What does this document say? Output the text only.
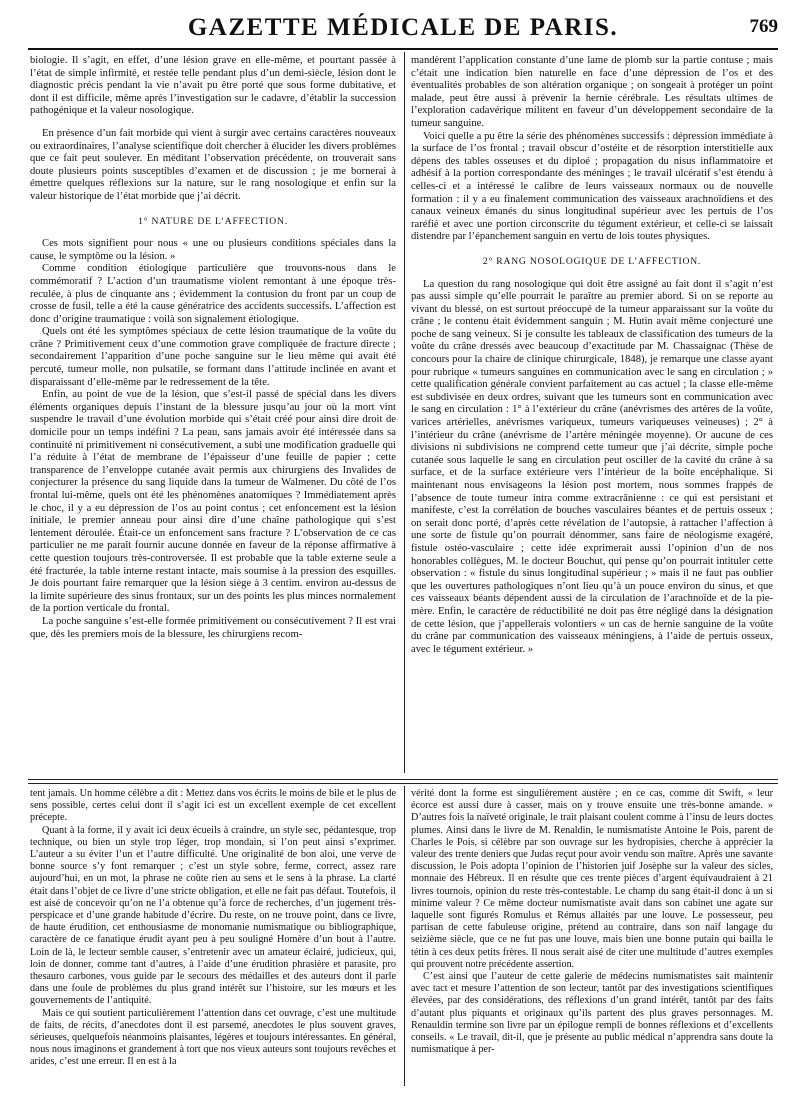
GAZETTE MÉDICALE DE PARIS.	769

biologie. Il s’agit, en effet, d’une lésion grave en elle-même, et pourtant passée à l’état de simple infirmité, et restée telle pendant plus d’un demi-siècle, lésion dont le diagnostic précis pendant la vie n’avait pu être porté que sous forme dubitative, et dont il est difficile, même après l’investigation sur le cadavre, d’établir la succession pathogénique et la valeur nosologique.

En présence d’un fait morbide qui vient à surgir avec certains caractères nouveaux ou extraordinaires, l’analyse scientifique doit chercher à élucider les divers problèmes que ce fait peut soulever. En méditant l’observation précédente, on trouverait sans doute plusieurs points susceptibles d’examen et de discussion ; je me bornerai à émettre quelques réflexions sur la nature, sur le rang nosologique et enfin sur la valeur historique de l’état morbide que j’ai décrit.

1° NATURE DE L’AFFECTION.

Ces mots signifient pour nous « une ou plusieurs conditions spéciales dans la cause, le symptôme ou la lésion. »

Comme condition étiologique particulière que trouvons-nous dans le commémoratif ? L’action d’un traumatisme violent remontant à une époque très-reculée, à plus de cinquante ans ; évidemment la contusion du front par un coup de crosse de fusil, telle a été la cause génératrice des accidents successifs. L’affection est donc d’origine traumatique : voilà son signalement étiologique.

Quels ont été les symptômes spéciaux de cette lésion traumatique de la voûte du crâne ? Primitivement ceux d’une commotion grave compliquée de fracture directe ; secondairement l’apparition d’une poche sanguine sur le lieu même qui avait été percuté, tumeur molle, non pulsatile, se formant dans l’attitude inclinée en avant et disparaissant d’elle-même par le redressement de la tête.

Enfin, au point de vue de la lésion, que s’est-il passé de spécial dans les divers éléments organiques depuis l’instant de la blessure jusqu’au jour où la mort vint suspendre le travail d’une évolution morbide qui s’était créé pour ainsi dire droit de domicile pour un temps indéfini ? La peau, sans jamais avoir été intéressée dans sa continuité ni primitivement ni consécutivement, a subi une modification graduelle qui l’a réduite à l’état de membrane de l’épaisseur d’une feuille de papier ; cette transparence de l’enveloppe cutanée avait permis aux chirurgiens des Invalides de conjecturer la présence du sang liquide dans la tumeur de Walmener. Du côté de l’os frontal lui-même, quels ont été les phénomènes anatomiques ? Immédiatement après le choc, il y a eu dépression de l’os au point contus ; cet enfoncement est la lésion initiale, le premier anneau pour ainsi dire d’une chaîne pathologique qui s’est lentement déroulée. Était-ce un enfoncement sans fracture ? L’observation de ce cas particulier ne me paraît fournir aucune donnée en faveur de la réponse affirmative à cette question toujours très-controversée. Il est probable que la table externe seule a été fracturée, la table interne restant intacte, mais soumise à la pression des esquilles. Je dois pourtant faire remarquer que la lésion siège à 3 centim. environ au-dessus de la limite supérieure des sinus frontaux, sur un des points les plus minces normalement de la portion verticale du frontal.

La poche sanguine s’est-elle formée primitivement ou consécutivement ? Il est vrai que, dès les premiers mois de la blessure, les chirurgiens recom-

mandèrent l’application constante d’une lame de plomb sur la partie contuse ; mais c’était une indication bien naturelle en face d’une dépression de l’os et des éventualités probables de son altération organique ; on songeait à protéger un point malade, peut être aussi à prévenir la hernie cérébrale. Les résultats ultimes de l’exploration cadavérique militent en faveur d’un développement secondaire de la tumeur sanguine.

Voici quelle a pu être la série des phénomènes successifs : dépression immédiate à la surface de l’os frontal ; travail obscur d’ostéite et de résorption interstitielle aux dépens des tables osseuses et du diploé ; propagation du nisus inflammatoire et adhésif à la portion correspondante des méninges ; le travail ulcératif s’est étendu à celles-ci et a intéressé le calibre de leurs vaisseaux normaux ou de nouvelle formation : il y a eu finalement communication des vaisseaux arachnoïdiens et des canaux veineux émanés du sinus longitudinal supérieur avec les pertuis de l’os raréfié et avec une portion circonscrite du tégument extérieur, et celle-ci se laissait distendre par l’épanchement sanguin en vertu de lois toutes physiques.

2° RANG NOSOLOGIQUE DE L’AFFECTION.

La question du rang nosologique qui doit être assigné au fait dont il s’agit n’est pas aussi simple qu’elle pourrait le paraître au premier abord. Si on se reporte au vivant du blessé, on est surtout préoccupé de la tumeur apparaissant sur la voûte du crâne ; le contenu était évidemment sanguin ; M. Hutin avait même conjecturé une poche de sang veineux. Si je consulte les tableaux de classification des tumeurs de la voûte du crâne dressés avec beaucoup d’exactitude par M. Chassaignac (Thèse de concours pour la chaire de clinique chirurgicale, 1848), je remarque une classe ayant pour rubrique « tumeurs sanguines en communication avec le sang en circulation ; » cette qualification générale convient parfaitement au cas actuel ; la classe elle-même est subdivisée en deux ordres, suivant que les tumeurs sont en communication avec le sang en circulation : 1° à l’extérieur du crâne (anévrismes des artères de la voûte, varices artérielles, anévrismes variqueux, tumeurs variqueuses veineuses) ; 2° à l’intérieur du crâne (anévrisme de l’artère méningée moyenne). Or aucune de ces divisions ni subdivisions ne comprend cette tumeur que j’ai décrite, simple poche cutanée sous laquelle le sang en circulation peut osciller de la cavité du crâne à sa surface, et de la surface extérieure vers l’intérieur de la boîte encéphalique. Si maintenant nous envisageons la lésion post mortem, nous sommes frappés de l’absence de toute tumeur intra comme extracrânienne : ce qui est persistant et manifeste, c’est la corrélation de bouches vasculaires béantes et de pertuis osseux ; on serait donc porté, d’après cette révélation de l’autopsie, à rattacher l’affection à une sorte de fistule qu’on pourrait dénommer, sans faire de néologisme exagéré, fistule ostéo-vasculaire ; cette idée exprimerait aussi l’opinion d’un de nos honorables collègues, M. le docteur Bouchut, qui pense qu’on pourrait intituler cette observation : « fistule du sinus longitudinal supérieur ; » mais il ne faut pas oublier que les ouvertures pathologiques n’ont lieu qu’à un pouce environ du sinus, et que ces vaisseaux béants dépendent aussi de la circulation de l’arachnoïde et de la pie-mère. Enfin, le caractère de réductibilité ne doit pas être négligé dans la désignation de cette lésion, que j’appellerais volontiers « un cas de hernie sanguine de la voûte du crâne par communication des vaisseaux méningiens, à l’aide de pertuis osseux, avec le tégument extérieur. »

tent jamais. Un homme célèbre a dit : Mettez dans vos écrits le moins de bile et le plus de sens possible, certes celui dont il s’agit ici est un excellent exemple de cet excellent précepte.

Quant à la forme, il y avait ici deux écueils à craindre, un style sec, pédantesque, trop technique, ou bien un style trop léger, trop mondain, si l’on peut ainsi s’exprimer. L’auteur a su éviter l’un et l’autre difficulté. Une originalité de bon aloi, une verve de bonne source s’y font remarquer ; c’est un style sobre, ferme, correct, assez rare aujourd’hui, en un mot, la phrase ne coûte rien au sens et le sens à la phrase. La clarté était dans l’objet de ce livre d’une stricte obligation, et elle ne fait pas défaut. Toutefois, il est aisé de concevoir qu’on ne l’a obtenue qu’à force de recherches, d’un jugement très-perspicace et d’une grande habitude d’écrire. Du reste, on ne trouve point, dans ce livre, de haute érudition, cet enthousiasme de monomanie numismatique ou bibliographique, caractère de ce fanatique érudit ayant peu à peu souligné Homère d’un bout à l’autre. Loin de là, le lecteur semble causer, s’entretenir avec un amateur éclairé, judicieux, qui, loin de donner, comme tant d’autres, à l’aide d’une érudition phrasière et parasite, pro thesauro carbones, vous guide par le secours des médailles et des auteurs dont il parle dans une foule de problèmes du plus grand intérêt sur l’histoire, sur les mœurs et les gouvernements de l’antiquité.

Mais ce qui soutient particulièrement l’attention dans cet ouvrage, c’est une multitude de faits, de récits, d’anecdotes dont il est parsemé, anecdotes le plus souvent graves, sérieuses, quelquefois néanmoins plaisantes, légères et toujours intéressantes. En général, nous nous imaginons et grandement à tort que nos vieux auteurs sont toujours revêches et arides, c’est une erreur. Il en est à la

vérité dont la forme est singulièrement austère ; en ce cas, comme dit Swift, « leur écorce est aussi dure à casser, mais on y trouve ensuite une très-bonne amande. » D’autres fois la naïveté originale, le trait plaisant coulent comme à l’insu de leurs doctes plumes. Ainsi dans le livre de M. Renaldin, le numismatiste Antoine le Pois, parent de Charles le Pois, si célèbre par son ouvrage sur les hydropisies, cherche à apprécier la valeur des trente deniers que Judas reçut pour avoir vendu son maître. Après une savante discussion, le Pois adopta l’opinion de l’historien juif Josèphe sur la valeur des sicles, monnaie des Hébreux. Il en résulte que ces trente pièces d’argent équivaudraient à 21 livres tournois, opinion du reste très-contestable. Le champ du sang était-il donc à un si minime valeur ? Ce même docteur numismatiste avait dans son cabinet une agate sur laquelle sont figurés Romulus et Rémus allaités par une louve. Le possesseur, peu partisan de cette fabuleuse origine, prétend au contraire, dans son naïf langage du seizième siècle, que ce ne fut pas une louve, mais bien une bonne putain qui bailla le tétin à ces deux petits frères. Il nous serait aisé de citer une multitude d’autres exemples qui prouvent notre précédente assertion.

C’est ainsi que l’auteur de cette galerie de médecins numismatistes sait maintenir avec tact et mesure l’attention de son lecteur, tantôt par des investigations scientifiques élevées, par des considérations, des réflexions d’un grand intérêt, tantôt par des faits d’autant plus piquants et originaux qu’ils partent des plus graves personnages. M. Renauldin termine son livre par un épilogue rempli de bonnes réflexions et d’excellents conseils. « Le travail, dit-il, que je présente au public médical n’apprendra sans doute la numismatique à per-
